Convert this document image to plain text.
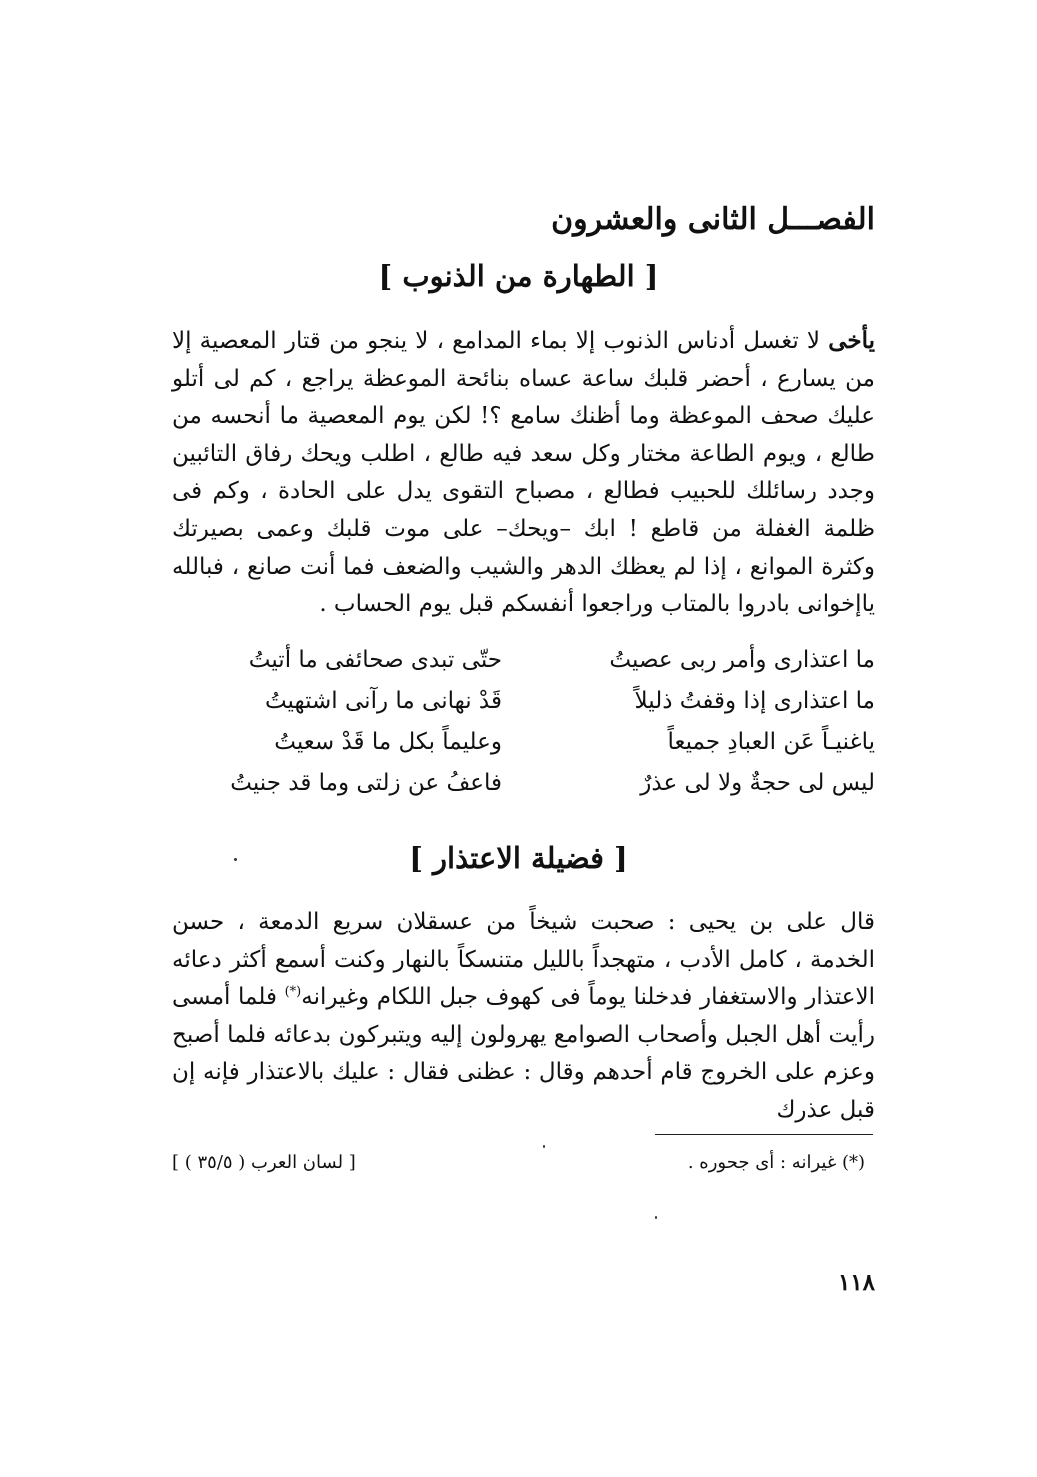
الفصـــل الثانى والعشرون
[ الطهارة من الذنوب ]
يأخى لا تغسل أدناس الذنوب إلا بماء المدامع ، لا ينجو من قتار المعصية إلا من يسارع ، أحضر قلبك ساعة عساه بنائحة الموعظة يراجع ، كم لى أتلو عليك صحف الموعظة وما أظنك سامع ؟! لكن يوم المعصية ما أنحسه من طالع ، ويوم الطاعة مختار وكل سعد فيه طالع ، اطلب ويحك رفاق التائبين وجدد رسائلك للحبيب فطالع ، مصباح التقوى يدل على الحادة ، وكم فى ظلمة الغفلة من قاطع ! ابك –ويحك– على موت قلبك وعمى بصيرتك وكثرة الموانع ، إذا لم يعظك الدهر والشيب والضعف فما أنت صانع ، فبالله ياإخوانى بادروا بالمتاب وراجعوا أنفسكم قبل يوم الحساب .
ما اعتذارى وأمر ربى عصيتُ
حتّى تبدى صحائفى ما أتيتُ
ما اعتذارى إذا وقفتُ ذليلاً
قَدْ نهانى ما رآنى اشتهيتُ
ياغنيـاً عَن العبادِ جميعاً
وعليماً بكل ما قَدْ سعيتُ
ليس لى حجةٌ ولا لى عذرٌ
فاعفُ عن زلتى وما قد جنيتُ
[ فضيلة الاعتذار ]
قال على بن يحيى : صحبت شيخاً من عسقلان سريع الدمعة ، حسن الخدمة ، كامل الأدب ، متهجداً بالليل متنسكاً بالنهار وكنت أسمع أكثر دعائه الاعتذار والاستغفار فدخلنا يوماً فى كهوف جبل اللكام وغيرانه(*) فلما أمسى رأيت أهل الجبل وأصحاب الصوامع يهرولون إليه ويتبركون بدعائه فلما أصبح وعزم على الخروج قام أحدهم وقال : عظنى فقال : عليك بالاعتذار فإنه إن قبل عذرك
(*) غيرانه : أى جحوره .
[ لسان العرب ( ٣٥/٥ ) ]
١١٨
